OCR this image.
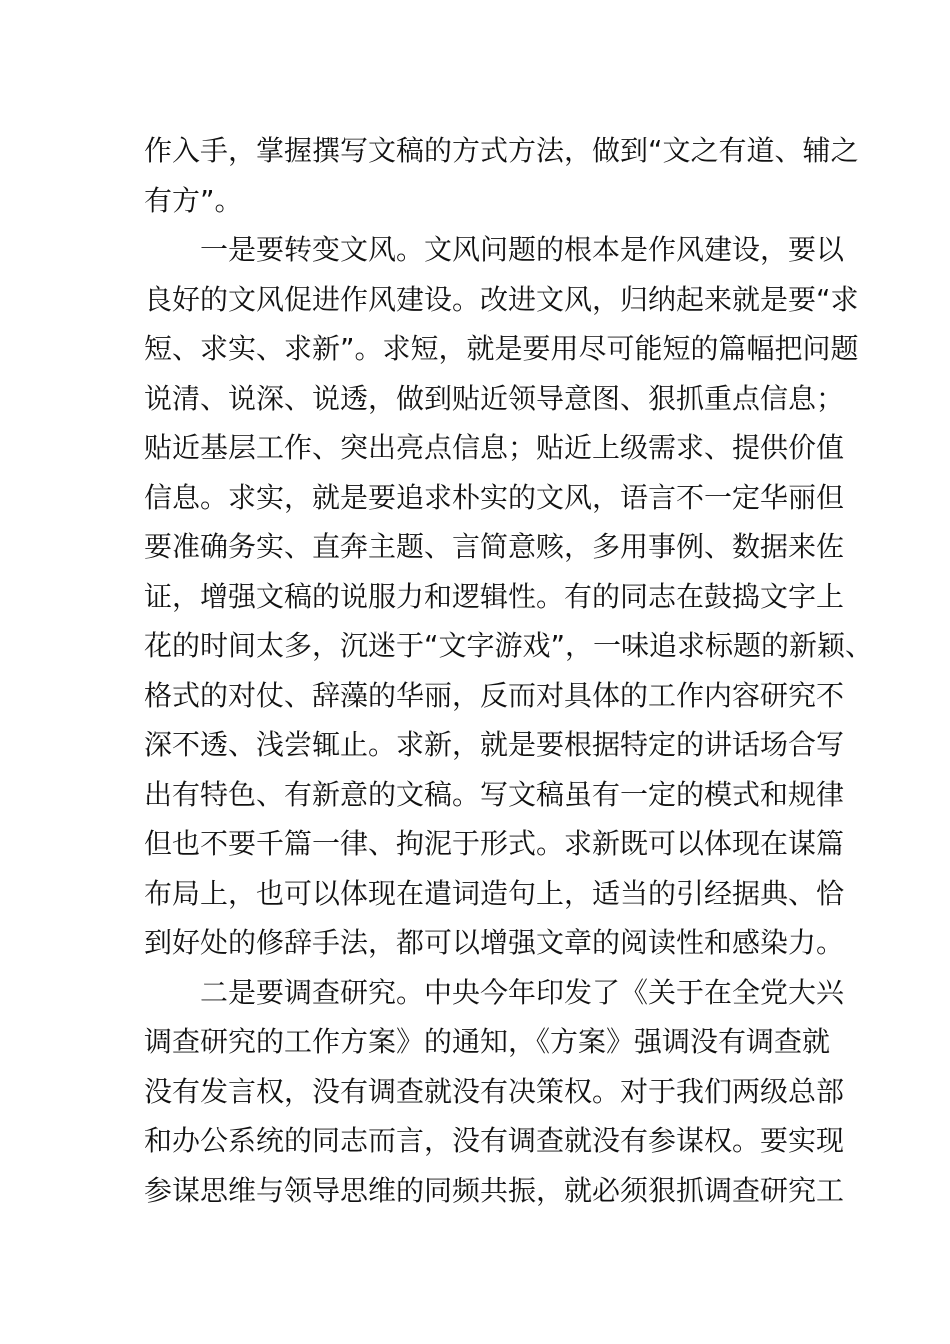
作入手，掌握撰写文稿的方式方法，做到“文之有道、辅之
有方”。
一是要转变文风。文风问题的根本是作风建设，要以
良好的文风促进作风建设。改进文风，归纳起来就是要“求
短、求实、求新”。求短，就是要用尽可能短的篇幅把问题
说清、说深、说透，做到贴近领导意图、狠抓重点信息；
贴近基层工作、突出亮点信息；贴近上级需求、提供价值
信息。求实，就是要追求朴实的文风，语言不一定华丽但
要准确务实、直奔主题、言简意赅，多用事例、数据来佐
证，增强文稿的说服力和逻辑性。有的同志在鼓捣文字上
花的时间太多，沉迷于“文字游戏”，一味追求标题的新颖、
格式的对仗、辞藻的华丽，反而对具体的工作内容研究不
深不透、浅尝辄止。求新，就是要根据特定的讲话场合写
出有特色、有新意的文稿。写文稿虽有一定的模式和规律
但也不要千篇一律、拘泥于形式。求新既可以体现在谋篇
布局上，也可以体现在遣词造句上，适当的引经据典、恰
到好处的修辞手法，都可以增强文章的阅读性和感染力。
二是要调查研究。中央今年印发了《关于在全党大兴
调查研究的工作方案》的通知，《方案》强调没有调查就
没有发言权，没有调查就没有决策权。对于我们两级总部
和办公系统的同志而言，没有调查就没有参谋权。要实现
参谋思维与领导思维的同频共振，就必须狠抓调查研究工
